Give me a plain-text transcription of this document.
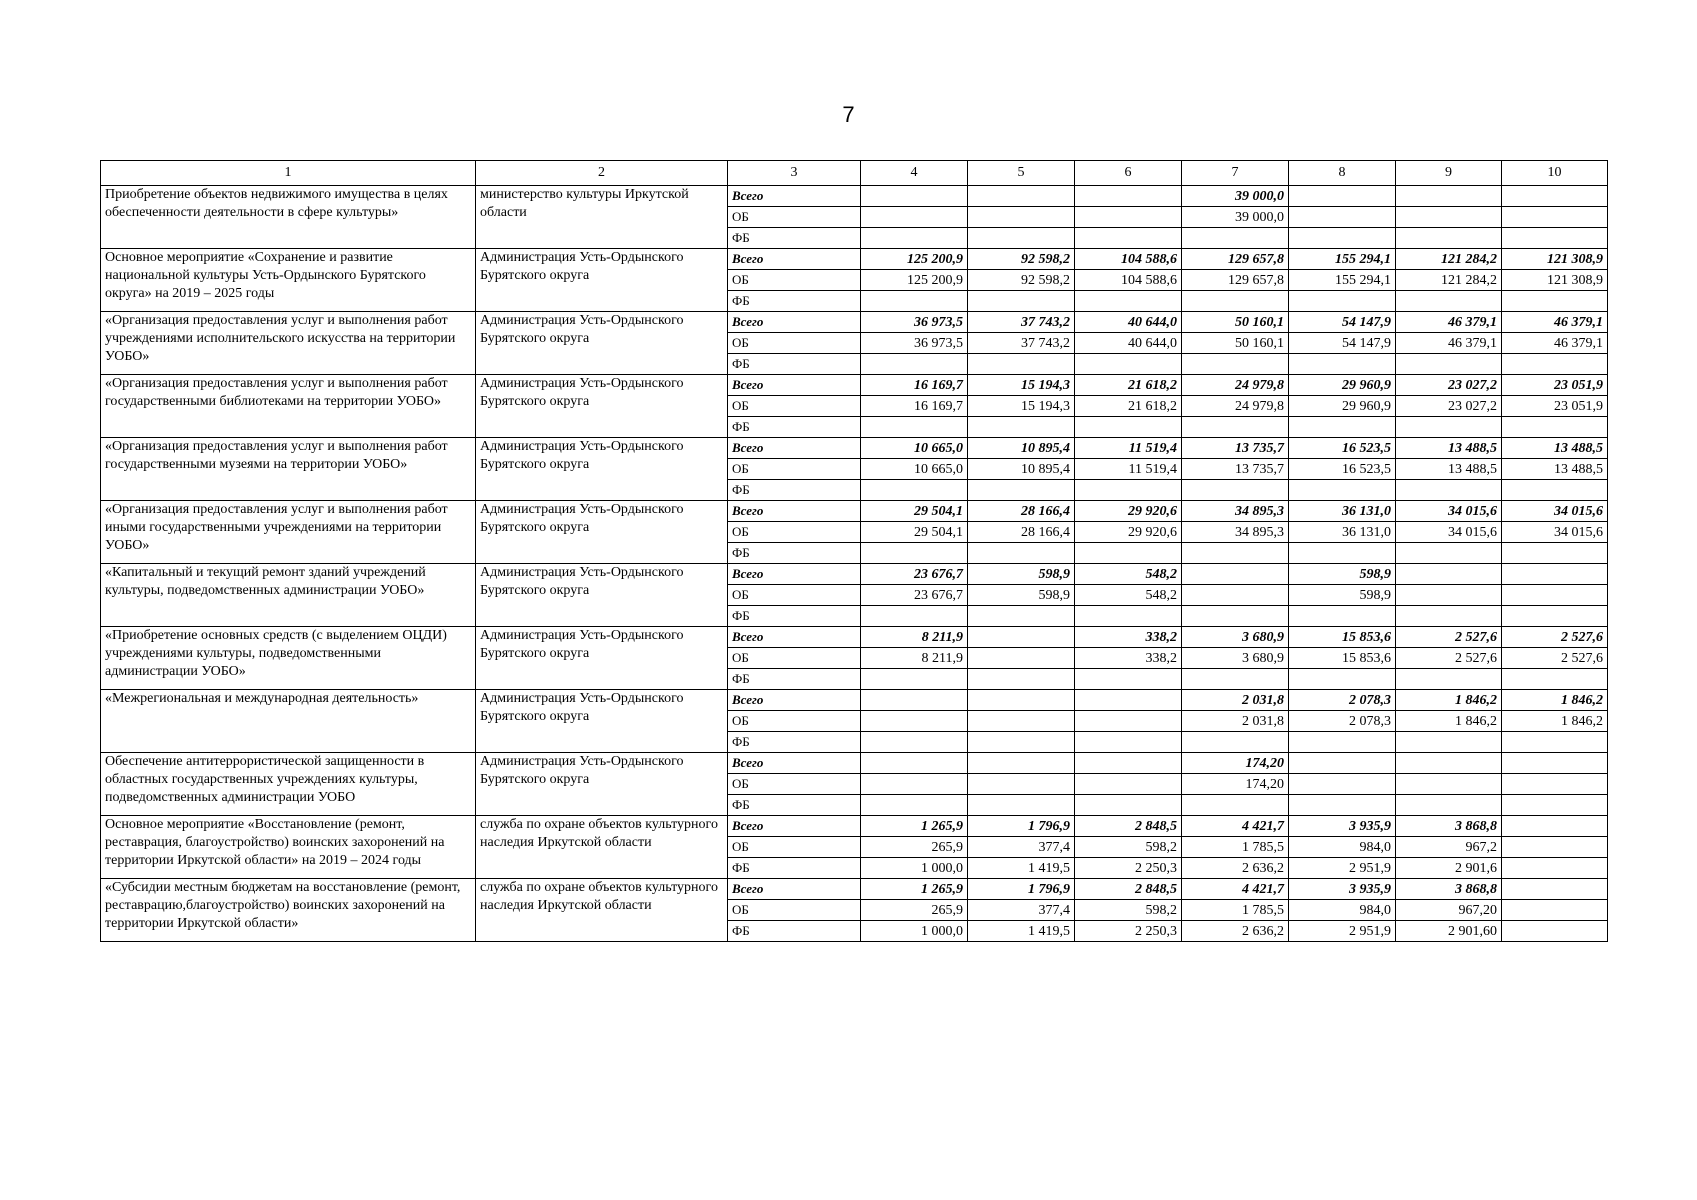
7
1	2	3	4	5	6	7	8	9	10
Приобретение объектов недвижимого имущества в целях обеспеченности деятельности в сфере культуры»	министерство культуры Иркутской области	Всего				39 000,0			
		ОБ				39 000,0			
		ФБ							
Основное мероприятие «Сохранение и развитие национальной культуры Усть-Ордынского Бурятского округа» на 2019 – 2025 годы	Администрация Усть-Ордынского Бурятского округа	Всего	125 200,9	92 598,2	104 588,6	129 657,8	155 294,1	121 284,2	121 308,9
		ОБ	125 200,9	92 598,2	104 588,6	129 657,8	155 294,1	121 284,2	121 308,9
		ФБ							
«Организация предоставления услуг и выполнения работ учреждениями исполнительского искусства на территории УОБО»	Администрация Усть-Ордынского Бурятского округа	Всего	36 973,5	37 743,2	40 644,0	50 160,1	54 147,9	46 379,1	46 379,1
		ОБ	36 973,5	37 743,2	40 644,0	50 160,1	54 147,9	46 379,1	46 379,1
		ФБ							
«Организация предоставления услуг и выполнения работ государственными библиотеками на территории УОБО»	Администрация Усть-Ордынского Бурятского округа	Всего	16 169,7	15 194,3	21 618,2	24 979,8	29 960,9	23 027,2	23 051,9
		ОБ	16 169,7	15 194,3	21 618,2	24 979,8	29 960,9	23 027,2	23 051,9
		ФБ							
«Организация предоставления услуг и выполнения работ государственными музеями на территории УОБО»	Администрация Усть-Ордынского Бурятского округа	Всего	10 665,0	10 895,4	11 519,4	13 735,7	16 523,5	13 488,5	13 488,5
		ОБ	10 665,0	10 895,4	11 519,4	13 735,7	16 523,5	13 488,5	13 488,5
		ФБ							
«Организация предоставления услуг и выполнения работ иными государственными учреждениями на территории УОБО»	Администрация Усть-Ордынского Бурятского округа	Всего	29 504,1	28 166,4	29 920,6	34 895,3	36 131,0	34 015,6	34 015,6
		ОБ	29 504,1	28 166,4	29 920,6	34 895,3	36 131,0	34 015,6	34 015,6
		ФБ							
«Капитальный и текущий ремонт зданий учреждений культуры, подведомственных администрации УОБО»	Администрация Усть-Ордынского Бурятского округа	Всего	23 676,7	598,9	548,2		598,9		
		ОБ	23 676,7	598,9	548,2		598,9		
		ФБ							
«Приобретение основных средств (с выделением ОЦДИ) учреждениями культуры, подведомственными администрации УОБО»	Администрация Усть-Ордынского Бурятского округа	Всего	8 211,9		338,2	3 680,9	15 853,6	2 527,6	2 527,6
		ОБ	8 211,9		338,2	3 680,9	15 853,6	2 527,6	2 527,6
		ФБ							
«Межрегиональная и международная деятельность»	Администрация Усть-Ордынского Бурятского округа	Всего				2 031,8	2 078,3	1 846,2	1 846,2
		ОБ				2 031,8	2 078,3	1 846,2	1 846,2
		ФБ							
Обеспечение антитеррористической защищенности в областных государственных учреждениях культуры, подведомственных администрации УОБО	Администрация Усть-Ордынского Бурятского округа	Всего				174,20			
		ОБ				174,20			
		ФБ							
Основное мероприятие «Восстановление (ремонт, реставрация, благоустройство) воинских захоронений на территории Иркутской области» на 2019 – 2024 годы	служба по охране объектов культурного наследия Иркутской области	Всего	1 265,9	1 796,9	2 848,5	4 421,7	3 935,9	3 868,8	
		ОБ	265,9	377,4	598,2	1 785,5	984,0	967,2	
		ФБ	1 000,0	1 419,5	2 250,3	2 636,2	2 951,9	2 901,6	
«Субсидии местным бюджетам на восстановление (ремонт, реставрацию,благоустройство) воинских захоронений на территории Иркутской области»	служба по охране объектов культурного наследия Иркутской области	Всего	1 265,9	1 796,9	2 848,5	4 421,7	3 935,9	3 868,8	
		ОБ	265,9	377,4	598,2	1 785,5	984,0	967,20	
		ФБ	1 000,0	1 419,5	2 250,3	2 636,2	2 951,9	2 901,60	
